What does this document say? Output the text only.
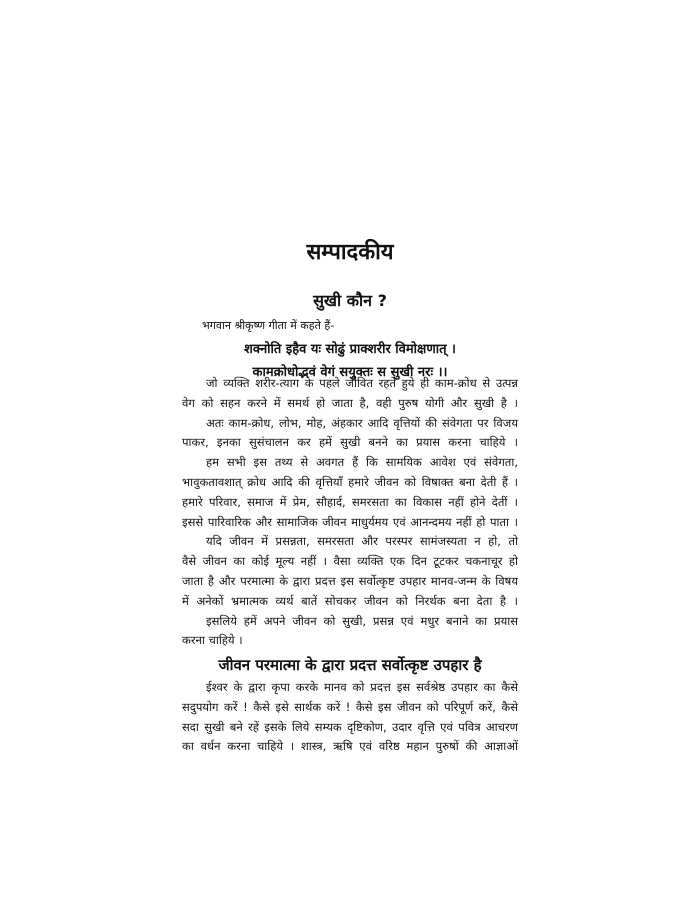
सम्पादकीय
सुखी कौन ?
भगवान श्रीकृष्ण गीता में कहते हैं-
शक्नोति इहैव यः सोढुं प्राक्शरीर विमोक्षणात् ।
कामक्रोधोद्भवं वेगं सयुक्तः स सुखी नरः ।।
जो व्यक्ति शरीर-त्याग के पहले जीवित रहते हुये ही काम-क्रोध से उत्पन्न
वेग को सहन करने में समर्थ हो जाता है, वही पुरुष योगी और सुखी है ।
अतः काम-क्रोध, लोभ, मोह, अंहकार आदि वृत्तियों की संवेगता पर विजय
पाकर, इनका सुसंचालन कर हमें सुखी बनने का प्रयास करना चाहिये ।
हम सभी इस तथ्य से अवगत हैं कि सामयिक आवेश एवं संवेगता,
भावुकतावशात् क्रोध आदि की वृत्तियाँ हमारे जीवन को विषाक्त बना देती हैं ।
हमारे परिवार, समाज में प्रेम, सौहार्द, समरसता का विकास नहीं होने देतीं ।
इससे पारिवारिक और सामाजिक जीवन माधुर्यमय एवं आनन्दमय नहीं हो पाता ।
यदि जीवन में प्रसन्नता, समरसता और परस्पर सामंजस्यता न हो, तो
वैसे जीवन का कोई मूल्य नहीं । वैसा व्यक्ति एक दिन टूटकर चकनाचूर हो
जाता है और परमात्मा के द्वारा प्रदत्त इस सर्वोत्कृष्ट उपहार मानव-जन्म के विषय
में अनेकों भ्रमात्मक व्यर्थ बातें सोचकर जीवन को निरर्थक बना देता है ।
इसलिये हमें अपने जीवन को सुखी, प्रसन्न एवं मधुर बनाने का प्रयास
करना चाहिये ।
जीवन परमात्मा के द्वारा प्रदत्त सर्वोत्कृष्ट उपहार है
ईश्वर के द्वारा कृपा करके मानव को प्रदत्त इस सर्वश्रेष्ठ उपहार का कैसे
सदुपयोग करें ! कैसे इसे सार्थक करें ! कैसे इस जीवन को परिपूर्ण करें, कैसे
सदा सुखी बने रहें इसके लिये सम्यक दृष्टिकोण, उदार वृत्ति एवं पवित्र आचरण
का वर्धन करना चाहिये । शास्त्र, ऋषि एवं वरिष्ठ महान पुरुषों की आज्ञाओं
